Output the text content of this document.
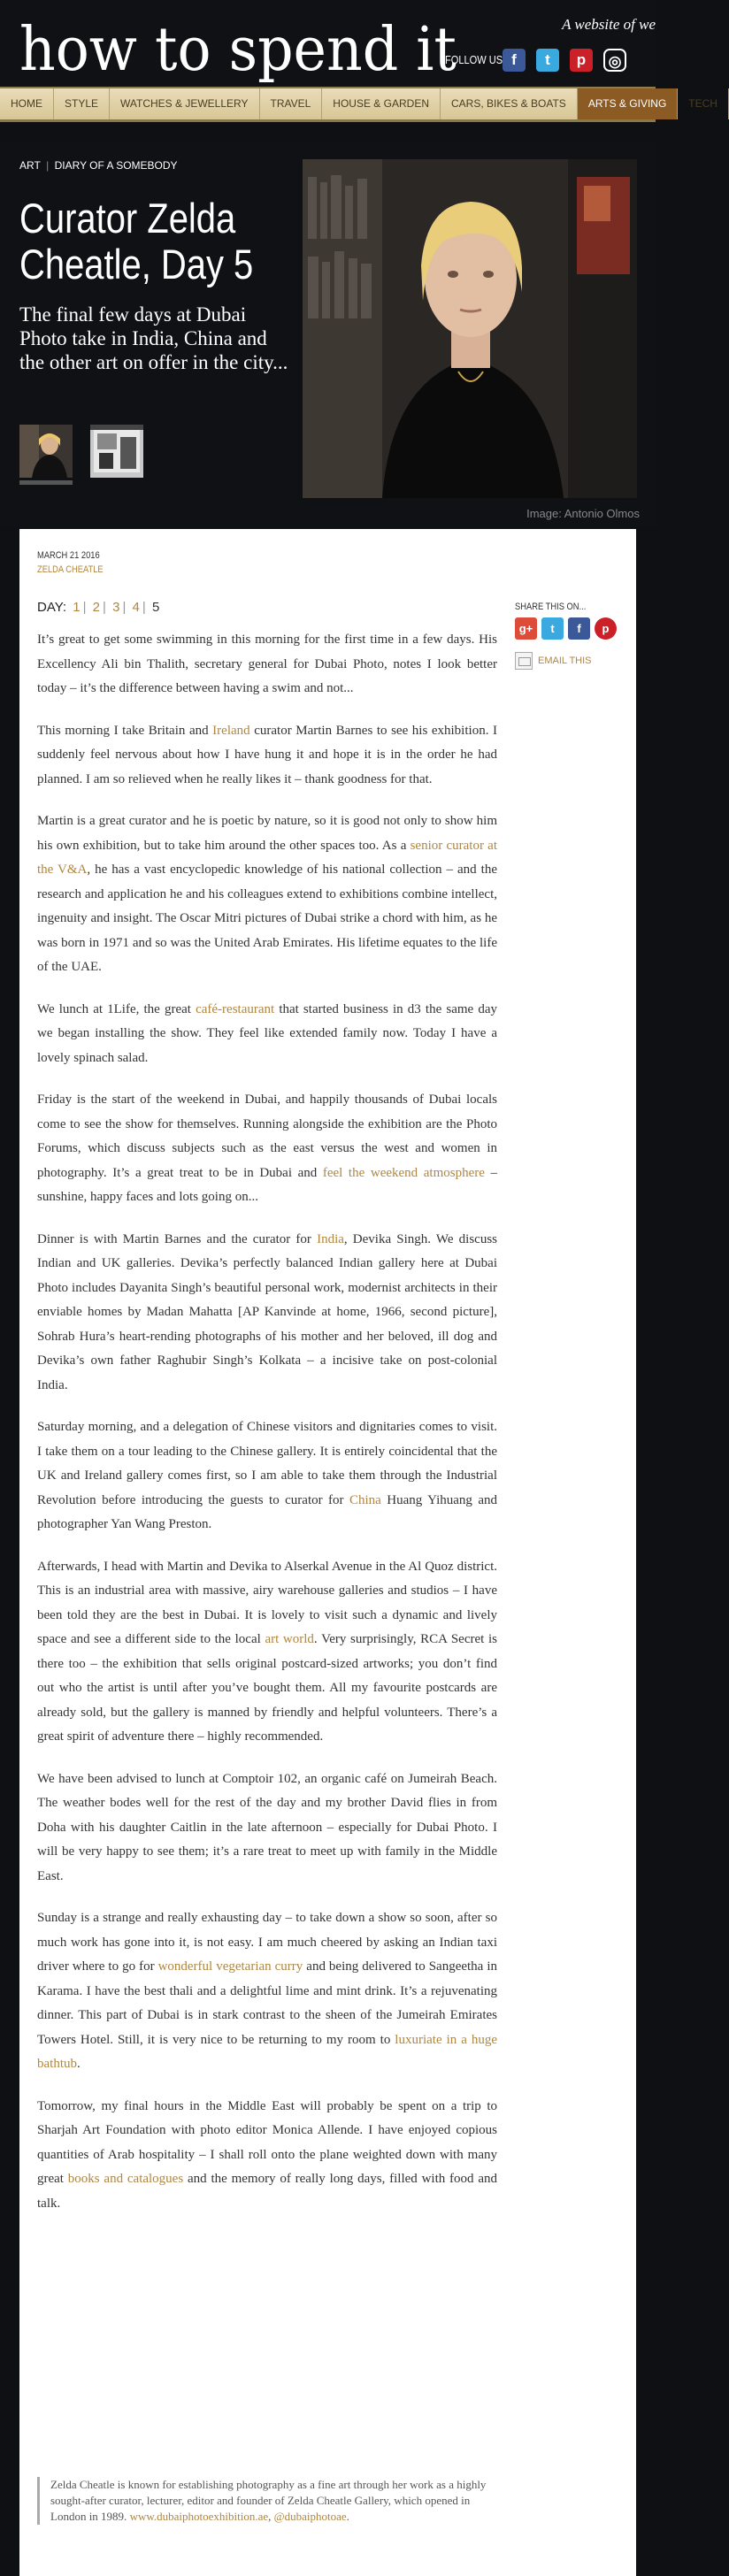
A website of we
how to spend it
FOLLOW US f	t	p	◎
HOME STYLE WATCHES & JEWELLERY TRAVEL HOUSE & GARDEN CARS, BIKES & BOATS ARTS & GIVING TECH
ART | DIARY OF A SOMEBODY
Curator Zelda Cheatle, Day 5
The final few days at Dubai Photo take in India, China and the other art on offer in the city...
Image: Antonio Olmos
MARCH 21 2016
ZELDA CHEATLE
DAY: 1 | 2 | 3 | 4 | 5

It’s great to get some swimming in this morning for the first time in a few days. His Excellency Ali bin Thalith, secretary general for Dubai Photo, notes I look better today – it’s the difference between having a swim and not...

This morning I take Britain and Ireland curator Martin Barnes to see his exhibition. I suddenly feel nervous about how I have hung it and hope it is in the order he had planned. I am so relieved when he really likes it – thank goodness for that.

Martin is a great curator and he is poetic by nature, so it is good not only to show him his own exhibition, but to take him around the other spaces too. As a senior curator at the V&A, he has a vast encyclopedic knowledge of his national collection – and the research and application he and his colleagues extend to exhibitions combine intellect, ingenuity and insight. The Oscar Mitri pictures of Dubai strike a chord with him, as he was born in 1971 and so was the United Arab Emirates. His lifetime equates to the life of the UAE.

We lunch at 1Life, the great café-restaurant that started business in d3 the same day we began installing the show. They feel like extended family now. Today I have a lovely spinach salad.

Friday is the start of the weekend in Dubai, and happily thousands of Dubai locals come to see the show for themselves. Running alongside the exhibition are the Photo Forums, which discuss subjects such as the east versus the west and women in photography. It’s a great treat to be in Dubai and feel the weekend atmosphere – sunshine, happy faces and lots going on...

Dinner is with Martin Barnes and the curator for India, Devika Singh. We discuss Indian and UK galleries. Devika’s perfectly balanced Indian gallery here at Dubai Photo includes Dayanita Singh’s beautiful personal work, modernist architects in their enviable homes by Madan Mahatta [AP Kanvinde at home, 1966, second picture], Sohrab Hura’s heart-rending photographs of his mother and her beloved, ill dog and Devika’s own father Raghubir Singh’s Kolkata – a incisive take on post-colonial India.

Saturday morning, and a delegation of Chinese visitors and dignitaries comes to visit. I take them on a tour leading to the Chinese gallery. It is entirely coincidental that the UK and Ireland gallery comes first, so I am able to take them through the Industrial Revolution before introducing the guests to curator for China Huang Yihuang and photographer Yan Wang Preston.

Afterwards, I head with Martin and Devika to Alserkal Avenue in the Al Quoz district. This is an industrial area with massive, airy warehouse galleries and studios – I have been told they are the best in Dubai. It is lovely to visit such a dynamic and lively space and see a different side to the local art world. Very surprisingly, RCA Secret is there too – the exhibition that sells original postcard-sized artworks; you don’t find out who the artist is until after you’ve bought them. All my favourite postcards are already sold, but the gallery is manned by friendly and helpful volunteers. There’s a great spirit of adventure there – highly recommended.

We have been advised to lunch at Comptoir 102, an organic café on Jumeirah Beach. The weather bodes well for the rest of the day and my brother David flies in from Doha with his daughter Caitlin in the late afternoon – especially for Dubai Photo. I will be very happy to see them; it’s a rare treat to meet up with family in the Middle East.

Sunday is a strange and really exhausting day – to take down a show so soon, after so much work has gone into it, is not easy. I am much cheered by asking an Indian taxi driver where to go for wonderful vegetarian curry and being delivered to Sangeetha in Karama. I have the best thali and a delightful lime and mint drink. It’s a rejuvenating dinner. This part of Dubai is in stark contrast to the sheen of the Jumeirah Emirates Towers Hotel. Still, it is very nice to be returning to my room to luxuriate in a huge bathtub.

Tomorrow, my final hours in the Middle East will probably be spent on a trip to Sharjah Art Foundation with photo editor Monica Allende. I have enjoyed copious quantities of Arab hospitality – I shall roll onto the plane weighted down with many great books and catalogues and the memory of really long days, filled with food and talk.

SHARE THIS ON...
g+ t f p
EMAIL THIS
Zelda Cheatle is known for establishing photography as a fine art through her work as a highly sought-after curator, lecturer, editor and founder of Zelda Cheatle Gallery, which opened in London in 1989. www.dubaiphotoexhibition.ae, @dubaiphotoae.
